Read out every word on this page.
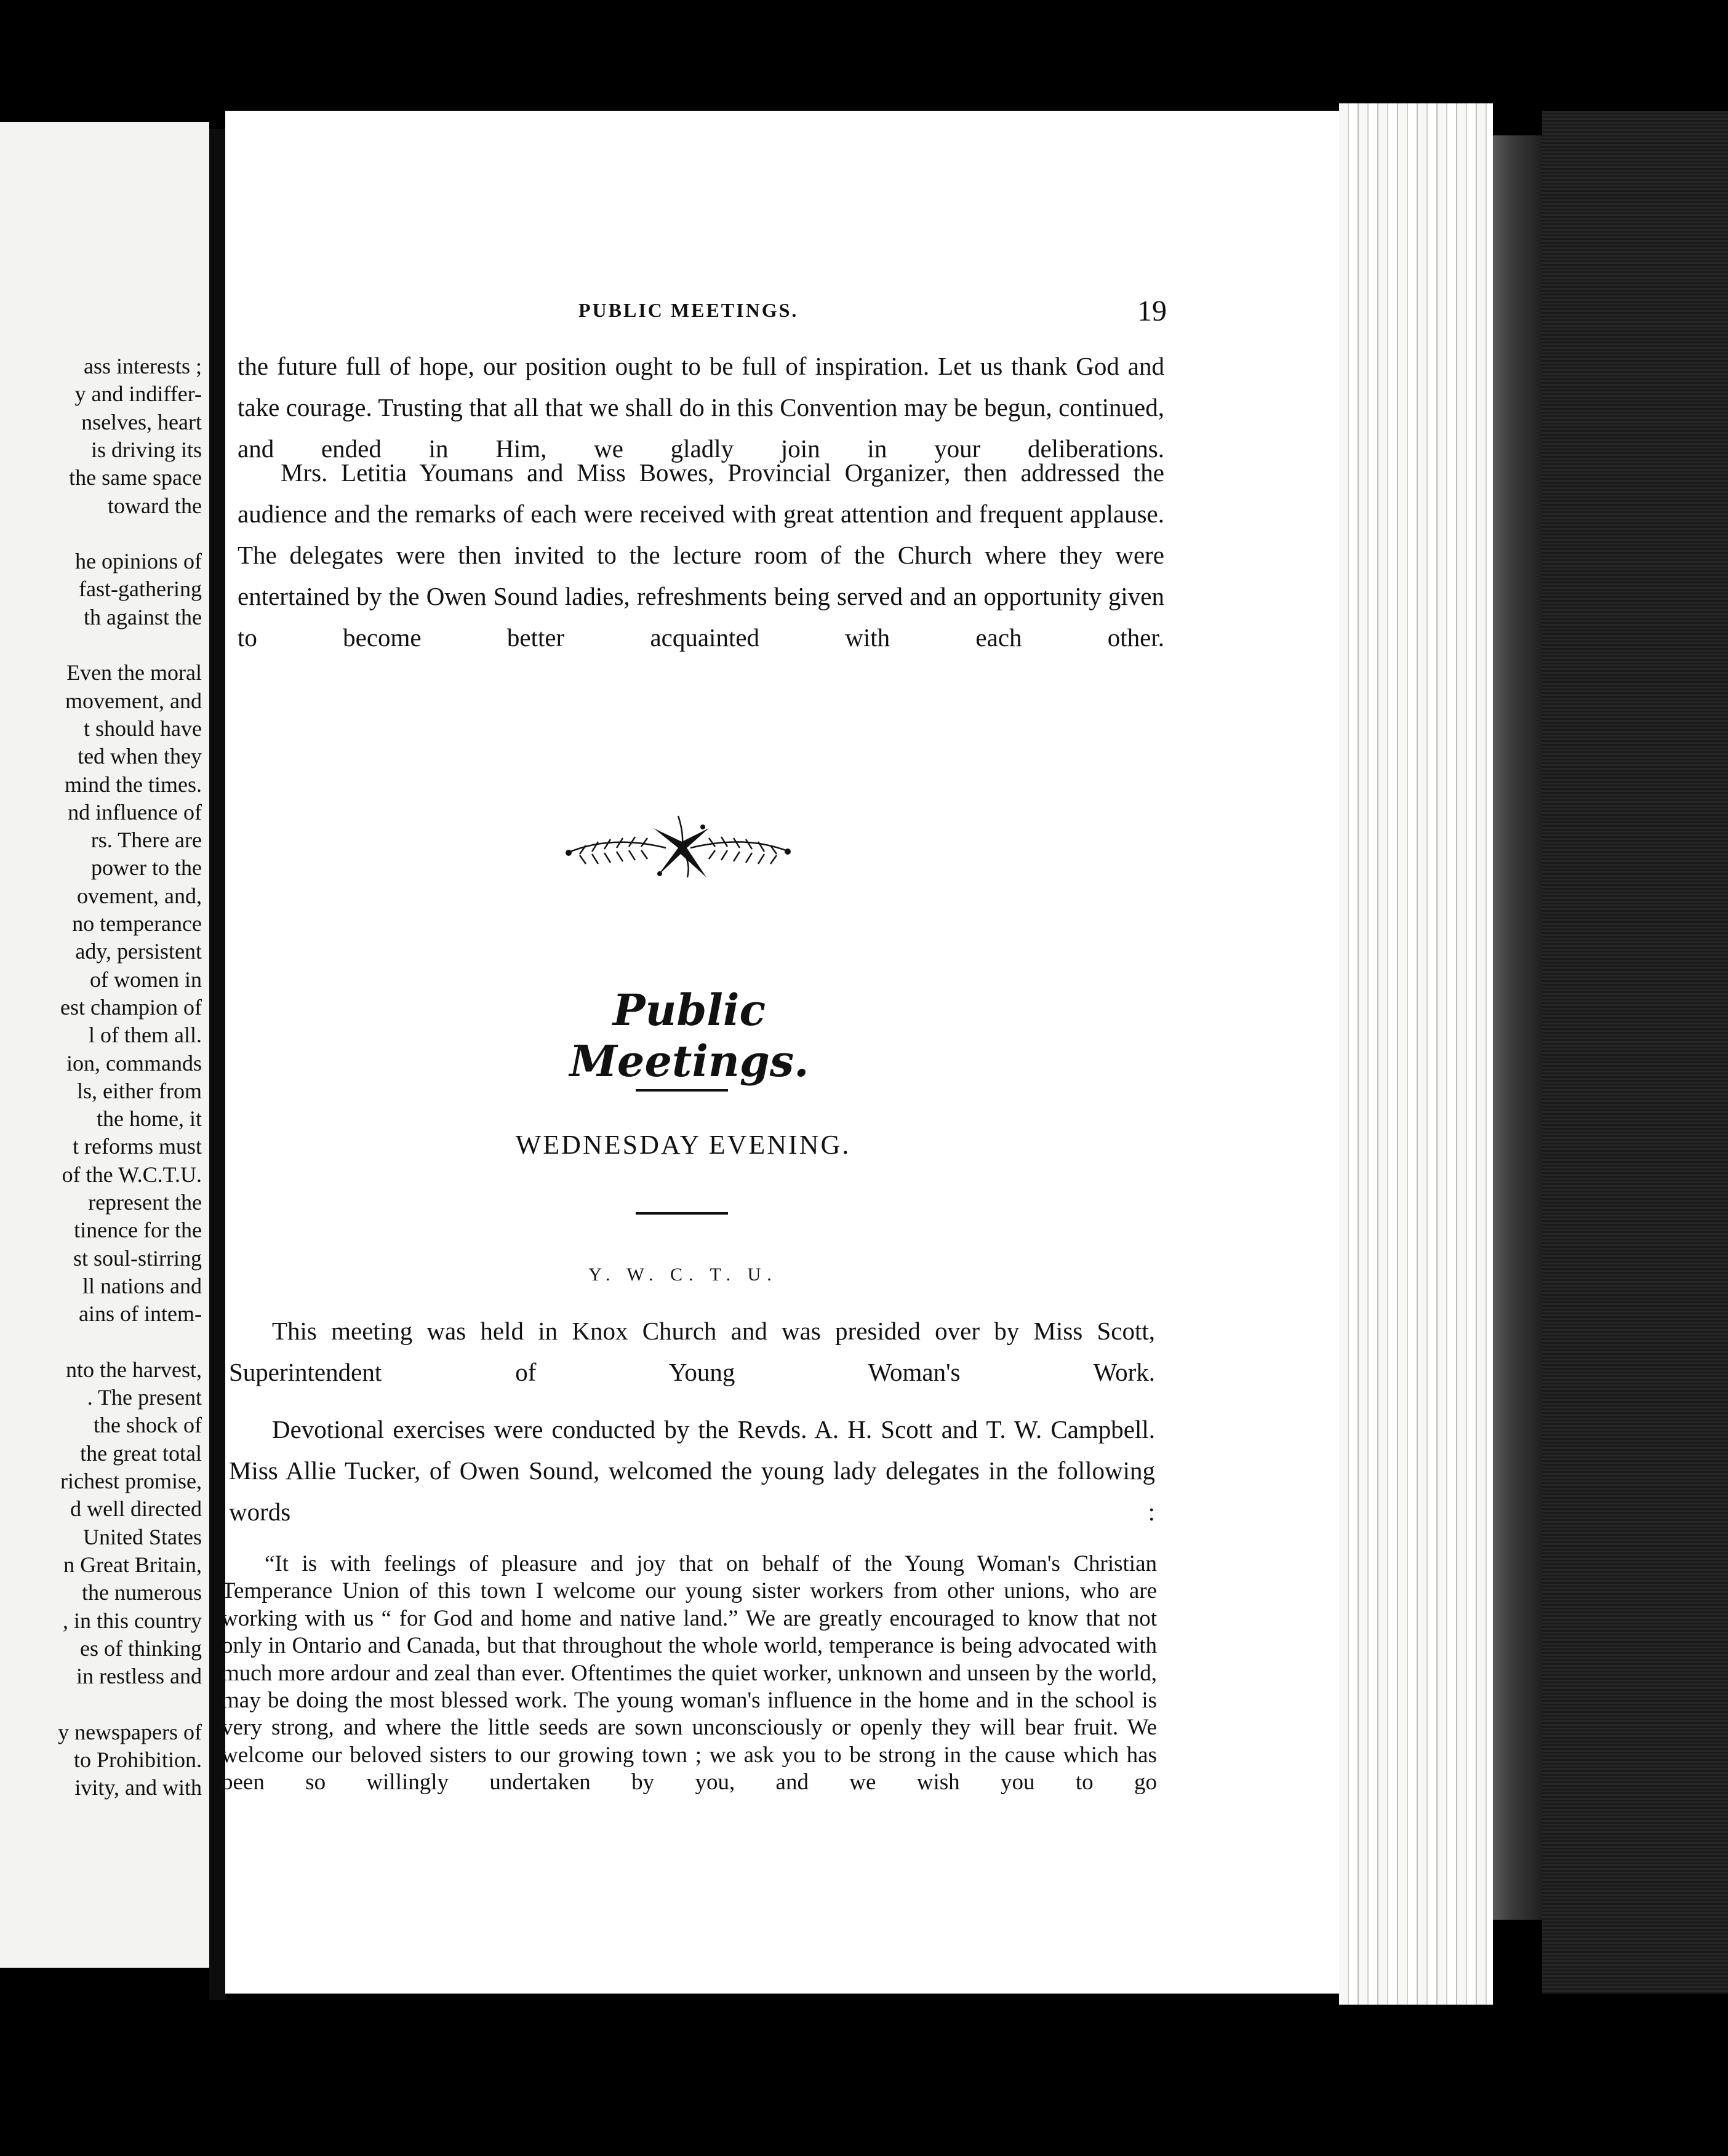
ass interests ;
y and indiffer-
nselves, heart
is driving its
the same space
toward the
he opinions of
fast-gathering
th against the
Even the moral
movement, and
t should have
ted when they
mind the times.
nd influence of
rs. There are
power to the
ovement, and,
no temperance
ady, persistent
of women in
est champion of
l of them all.
ion, commands
ls, either from
the home, it
t reforms must
of the W.C.T.U.
represent the
tinence for the
st soul-stirring
ll nations and
ains of intem-
nto the harvest,
. The present
the shock of
the great total
richest promise,
d well directed
United States
n Great Britain,
the numerous
, in this country
es of thinking
in restless and
y newspapers of
to Prohibition.
ivity, and with
PUBLIC MEETINGS.	19
the future full of hope, our position ought to be full of inspiration. Let us thank God and take courage. Trusting that all that we shall do in this Convention may be begun, continued, and ended in Him, we gladly join in your deliberations.
Mrs. Letitia Youmans and Miss Bowes, Provincial Organizer, then addressed the audience and the remarks of each were received with great attention and frequent applause. The delegates were then invited to the lecture room of the Church where they were entertained by the Owen Sound ladies, refreshments being served and an opportunity given to become better acquainted with each other.
Public Meetings.
WEDNESDAY EVENING.
Y. W. C. T. U.
This meeting was held in Knox Church and was presided over by Miss Scott, Superintendent of Young Woman's Work.
Devotional exercises were conducted by the Revds. A. H. Scott and T. W. Campbell. Miss Allie Tucker, of Owen Sound, welcomed the young lady delegates in the following words :
“It is with feelings of pleasure and joy that on behalf of the Young Woman's Christian Temperance Union of this town I welcome our young sister workers from other unions, who are working with us “ for God and home and native land.” We are greatly encouraged to know that not only in Ontario and Canada, but that throughout the whole world, temperance is being advocated with much more ardour and zeal than ever. Oftentimes the quiet worker, unknown and unseen by the world, may be doing the most blessed work. The young woman's influence in the home and in the school is very strong, and where the little seeds are sown unconsciously or openly they will bear fruit. We welcome our beloved sisters to our growing town ; we ask you to be strong in the cause which has been so willingly undertaken by you, and we wish you to go
